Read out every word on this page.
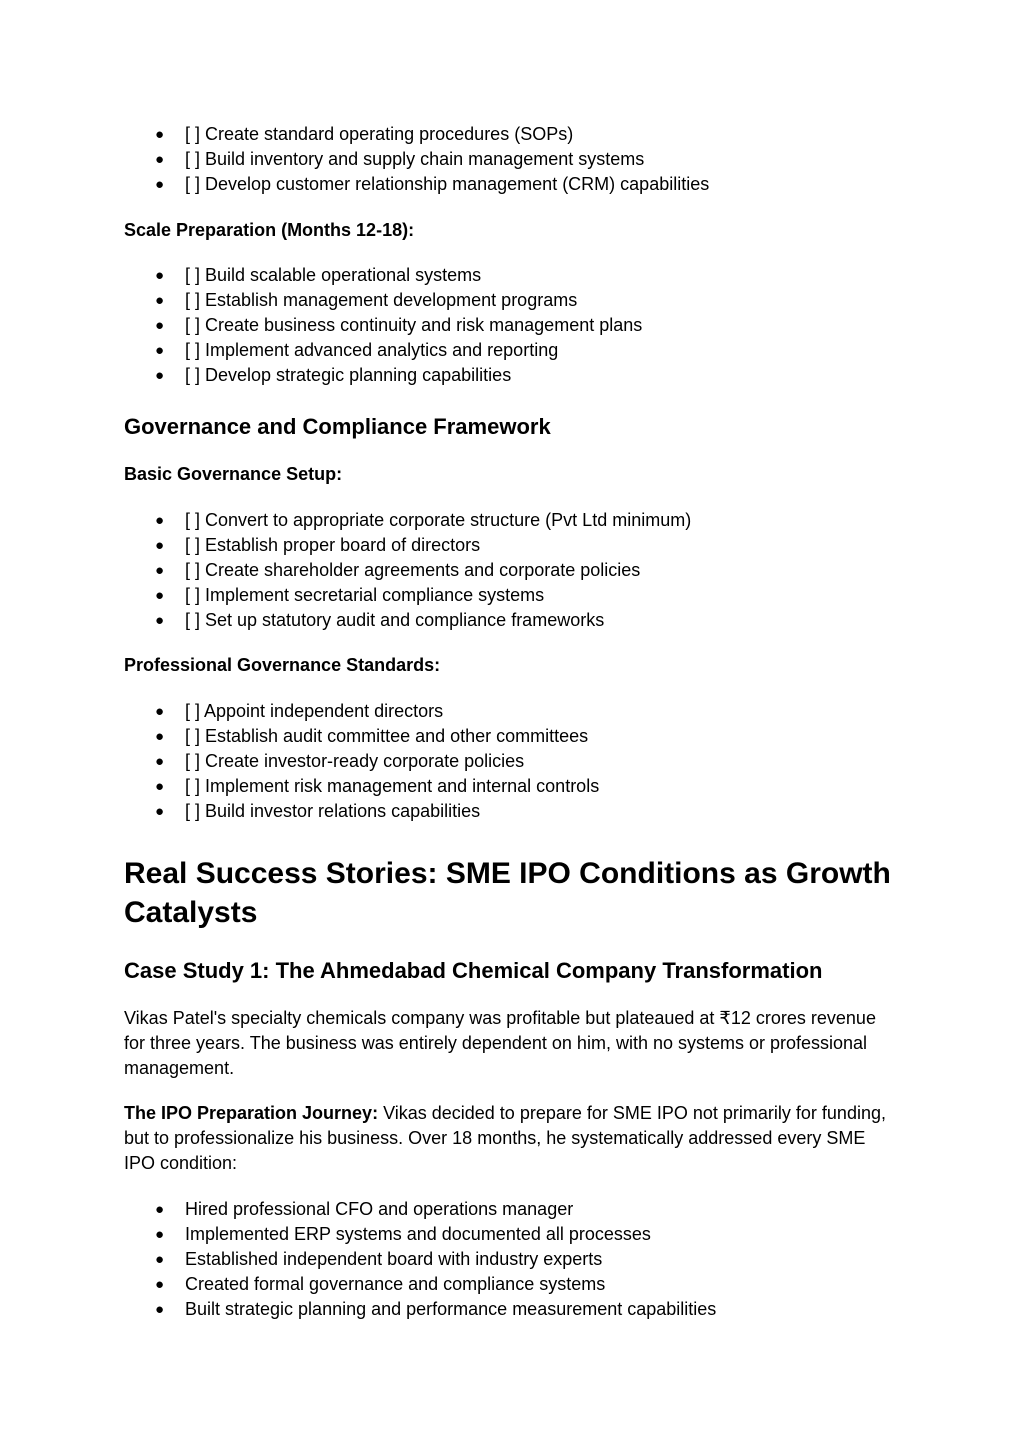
● [ ] Create standard operating procedures (SOPs)
● [ ] Build inventory and supply chain management systems
● [ ] Develop customer relationship management (CRM) capabilities
Scale Preparation (Months 12-18):
● [ ] Build scalable operational systems
● [ ] Establish management development programs
● [ ] Create business continuity and risk management plans
● [ ] Implement advanced analytics and reporting
● [ ] Develop strategic planning capabilities
Governance and Compliance Framework
Basic Governance Setup:
● [ ] Convert to appropriate corporate structure (Pvt Ltd minimum)
● [ ] Establish proper board of directors
● [ ] Create shareholder agreements and corporate policies
● [ ] Implement secretarial compliance systems
● [ ] Set up statutory audit and compliance frameworks
Professional Governance Standards:
● [ ] Appoint independent directors
● [ ] Establish audit committee and other committees
● [ ] Create investor-ready corporate policies
● [ ] Implement risk management and internal controls
● [ ] Build investor relations capabilities
Real Success Stories: SME IPO Conditions as Growth Catalysts
Case Study 1: The Ahmedabad Chemical Company Transformation
Vikas Patel's specialty chemicals company was profitable but plateaued at ₹12 crores revenue for three years. The business was entirely dependent on him, with no systems or professional management.
The IPO Preparation Journey: Vikas decided to prepare for SME IPO not primarily for funding, but to professionalize his business. Over 18 months, he systematically addressed every SME IPO condition:
● Hired professional CFO and operations manager
● Implemented ERP systems and documented all processes
● Established independent board with industry experts
● Created formal governance and compliance systems
● Built strategic planning and performance measurement capabilities
